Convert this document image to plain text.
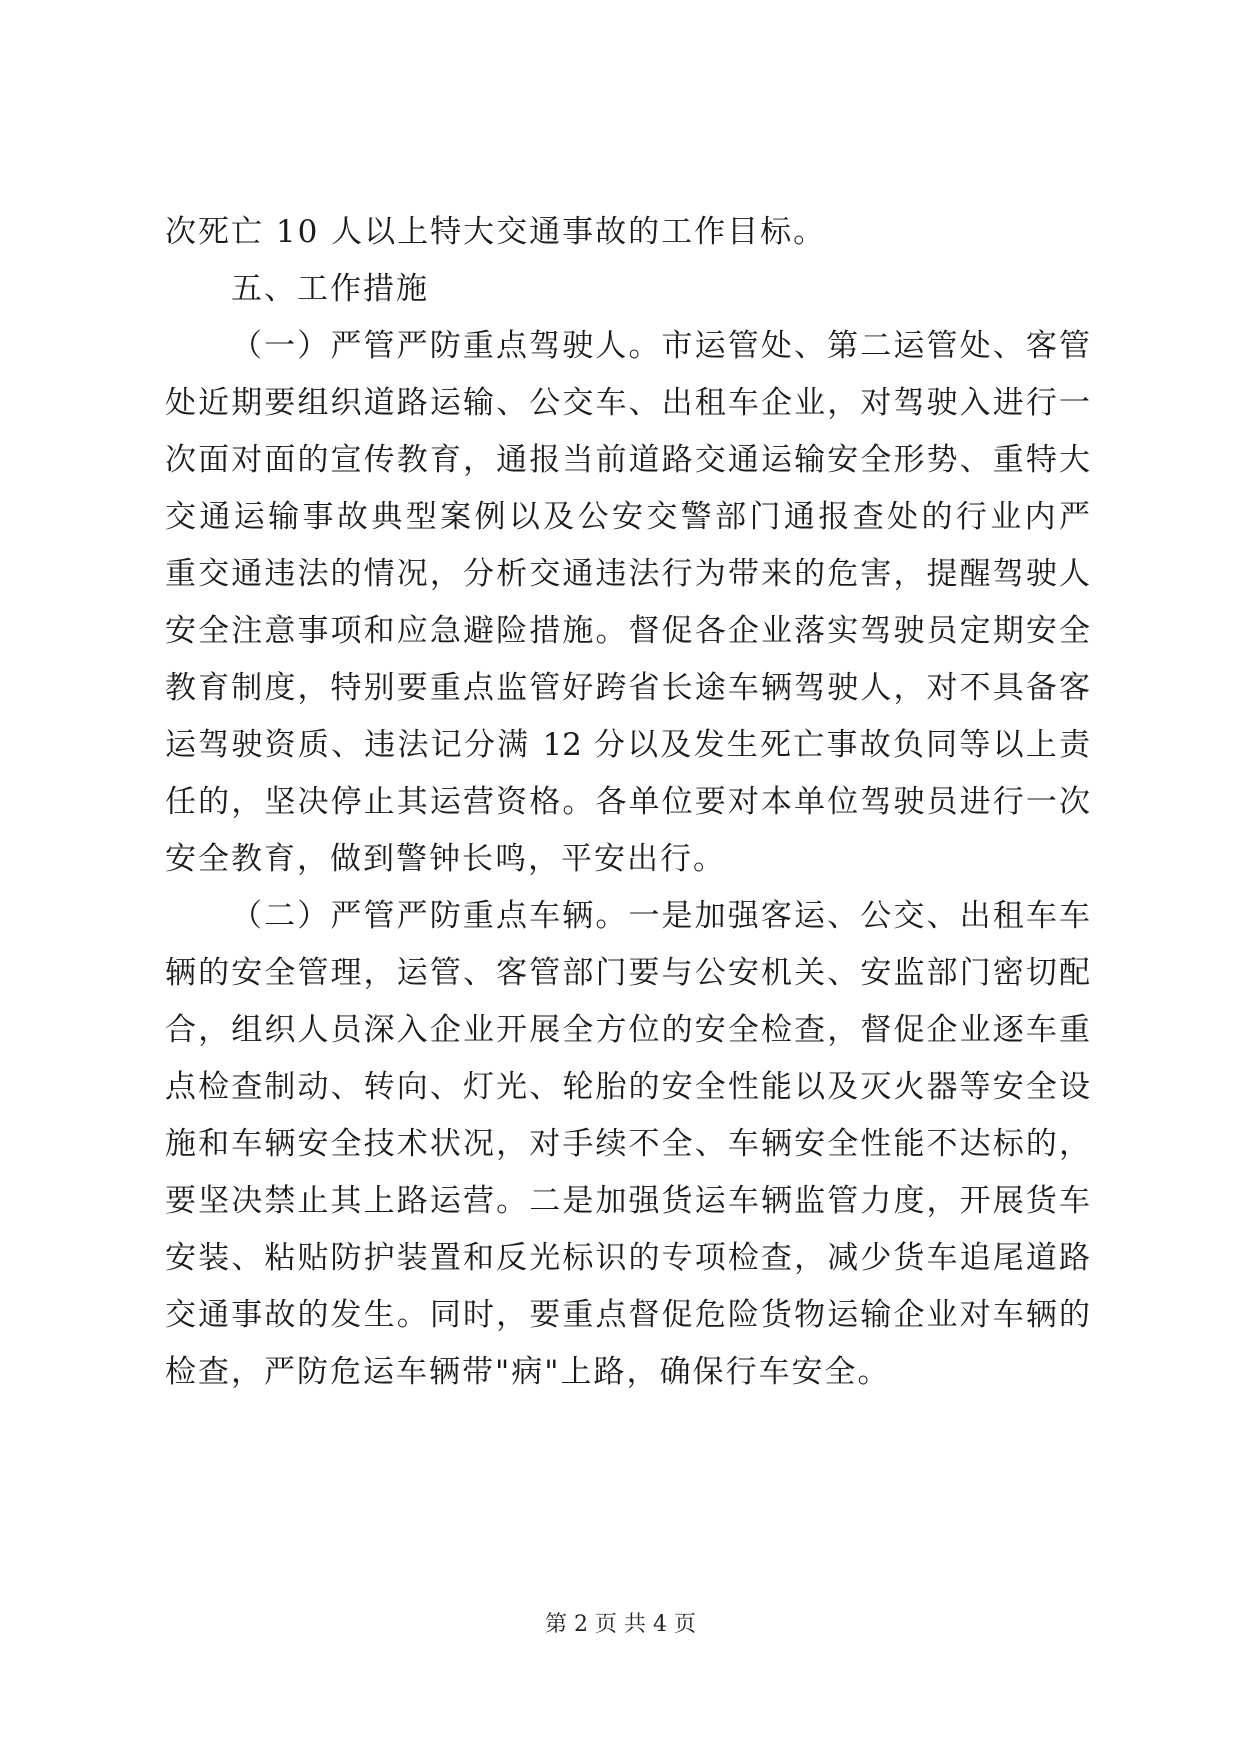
次死亡 10 人以上特大交通事故的工作目标。
五、工作措施
（一）严管严防重点驾驶人。市运管处、第二运管处、客管
处近期要组织道路运输、公交车、出租车企业，对驾驶入进行一
次面对面的宣传教育，通报当前道路交通运输安全形势、重特大
交通运输事故典型案例以及公安交警部门通报查处的行业内严
重交通违法的情况，分析交通违法行为带来的危害，提醒驾驶人
安全注意事项和应急避险措施。督促各企业落实驾驶员定期安全
教育制度，特别要重点监管好跨省长途车辆驾驶人，对不具备客
运驾驶资质、违法记分满 12 分以及发生死亡事故负同等以上责
任的，坚决停止其运营资格。各单位要对本单位驾驶员进行一次
安全教育，做到警钟长鸣，平安出行。
（二）严管严防重点车辆。一是加强客运、公交、出租车车
辆的安全管理，运管、客管部门要与公安机关、安监部门密切配
合，组织人员深入企业开展全方位的安全检查，督促企业逐车重
点检查制动、转向、灯光、轮胎的安全性能以及灭火器等安全设
施和车辆安全技术状况，对手续不全、车辆安全性能不达标的，
要坚决禁止其上路运营。二是加强货运车辆监管力度，开展货车
安装、粘贴防护装置和反光标识的专项检查，减少货车追尾道路
交通事故的发生。同时，要重点督促危险货物运输企业对车辆的
检查，严防危运车辆带"病"上路，确保行车安全。
第 2 页 共 4 页
